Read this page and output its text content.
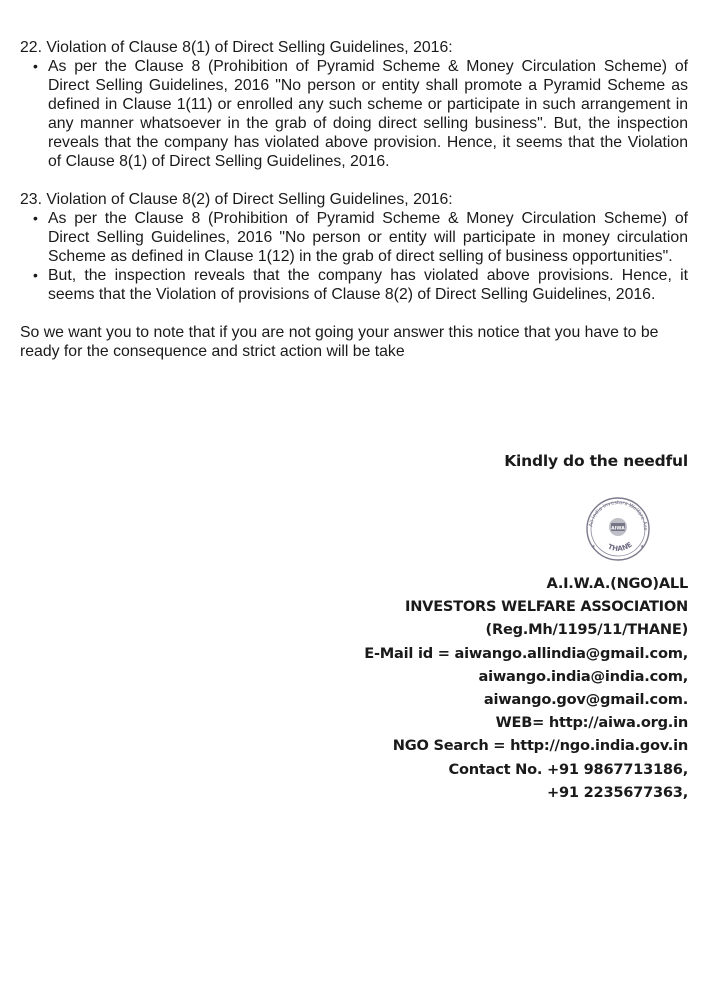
22. Violation of Clause 8(1) of Direct Selling Guidelines, 2016:

• As per the Clause 8 (Prohibition of Pyramid Scheme & Money Circulation Scheme) of Direct Selling Guidelines, 2016 "No person or entity shall promote a Pyramid Scheme as defined in Clause 1(11) or enrolled any such scheme or participate in such arrangement in any manner whatsoever in the grab of doing direct selling business". But, the inspection reveals that the company has violated above provision. Hence, it seems that the Violation of Clause 8(1) of Direct Selling Guidelines, 2016.

23. Violation of Clause 8(2) of Direct Selling Guidelines, 2016:

• As per the Clause 8 (Prohibition of Pyramid Scheme & Money Circulation Scheme) of Direct Selling Guidelines, 2016 "No person or entity will participate in money circulation Scheme as defined in Clause 1(12) in the grab of direct selling of business opportunities".
• But, the inspection reveals that the company has violated above provisions. Hence, it seems that the Violation of provisions of Clause 8(2) of Direct Selling Guidelines, 2016.

So we want you to note that if you are not going your answer this notice that you have to be ready for the consequence and strict action will be take

Kindly do the needful
All India Investors Welfare Ass
THANE
AIWA
★	★
A.I.W.A.(NGO)ALL
INVESTORS WELFARE ASSOCIATION
(Reg.Mh/1195/11/THANE)
E-Mail id = aiwango.allindia@gmail.com,
aiwango.india@india.com,
aiwango.gov@gmail.com.
WEB= http://aiwa.org.in
NGO Search = http://ngo.india.gov.in
Contact No. +91 9867713186,
+91 2235677363,
